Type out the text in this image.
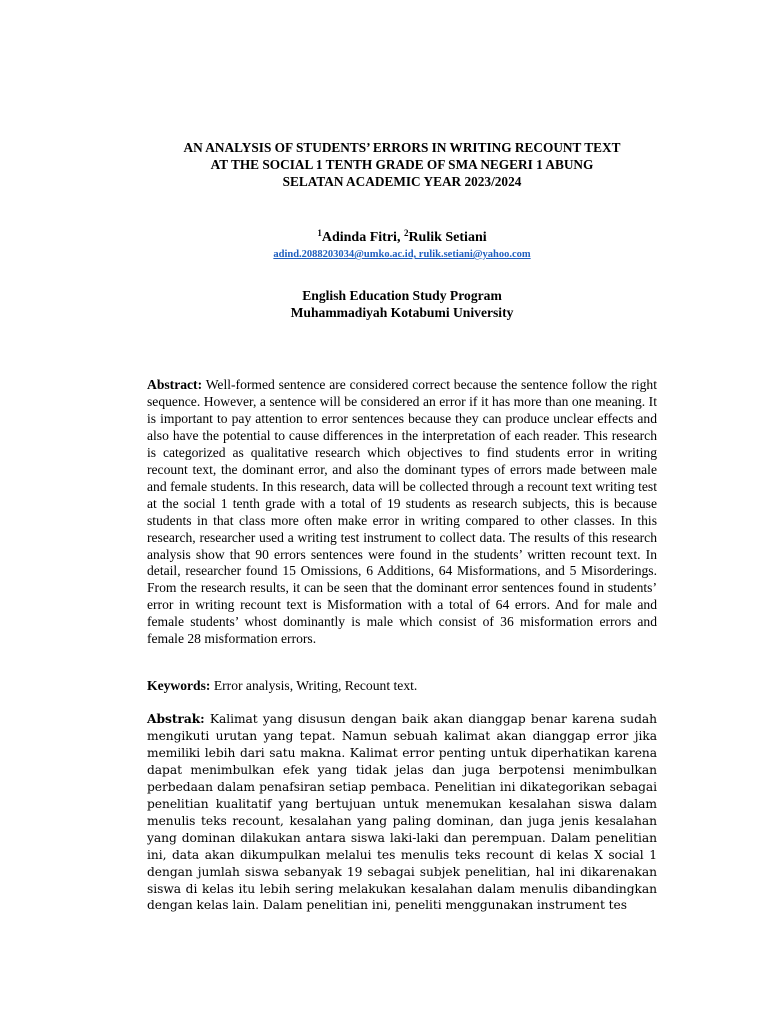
AN ANALYSIS OF STUDENTS’ ERRORS IN WRITING RECOUNT TEXT
AT THE SOCIAL 1 TENTH GRADE OF SMA NEGERI 1 ABUNG
SELATAN ACADEMIC YEAR 2023/2024
$^1$Adinda Fitri, $^2$Rulik Setiani
adind.2088203034@umko.ac.id, rulik.setiani@yahoo.com
English Education Study Program
Muhammadiyah Kotabumi University

Abstract: Well-formed sentence are considered correct because the sentence follow the right sequence. However, a sentence will be considered an error if it has more than one meaning. It is important to pay attention to error sentences because they can produce unclear effects and also have the potential to cause differences in the interpretation of each reader. This research is categorized as qualitative research which objectives to find students error in writing recount text, the dominant error, and also the dominant types of errors made between male and female students. In this research, data will be collected through a recount text writing test at the social 1 tenth grade with a total of 19 students as research subjects, this is because students in that class more often make error in writing compared to other classes. In this research, researcher used a writing test instrument to collect data. The results of this research analysis show that 90 errors sentences were found in the students’ written recount text. In detail, researcher found 15 Omissions, 6 Additions, 64 Misformations, and 5 Misorderings. From the research results, it can be seen that the dominant error sentences found in students’ error in writing recount text is Misformation with a total of 64 errors. And for male and female students’ whost dominantly is male which consist of 36 misformation errors and female 28 misformation errors.

Keywords: Error analysis, Writing, Recount text.

Abstrak: Kalimat yang disusun dengan baik akan dianggap benar karena sudah mengikuti urutan yang tepat. Namun sebuah kalimat akan dianggap error jika memiliki lebih dari satu makna. Kalimat error penting untuk diperhatikan karena dapat menimbulkan efek yang tidak jelas dan juga berpotensi menimbulkan perbedaan dalam penafsiran setiap pembaca. Penelitian ini dikategorikan sebagai penelitian kualitatif yang bertujuan untuk menemukan kesalahan siswa dalam menulis teks recount, kesalahan yang paling dominan, dan juga jenis kesalahan yang dominan dilakukan antara siswa laki-laki dan perempuan. Dalam penelitian ini, data akan dikumpulkan melalui tes menulis teks recount di kelas X social 1 dengan jumlah siswa sebanyak 19 sebagai subjek penelitian, hal ini dikarenakan siswa di kelas itu lebih sering melakukan kesalahan dalam menulis dibandingkan dengan kelas lain. Dalam penelitian ini, peneliti menggunakan instrument tes
